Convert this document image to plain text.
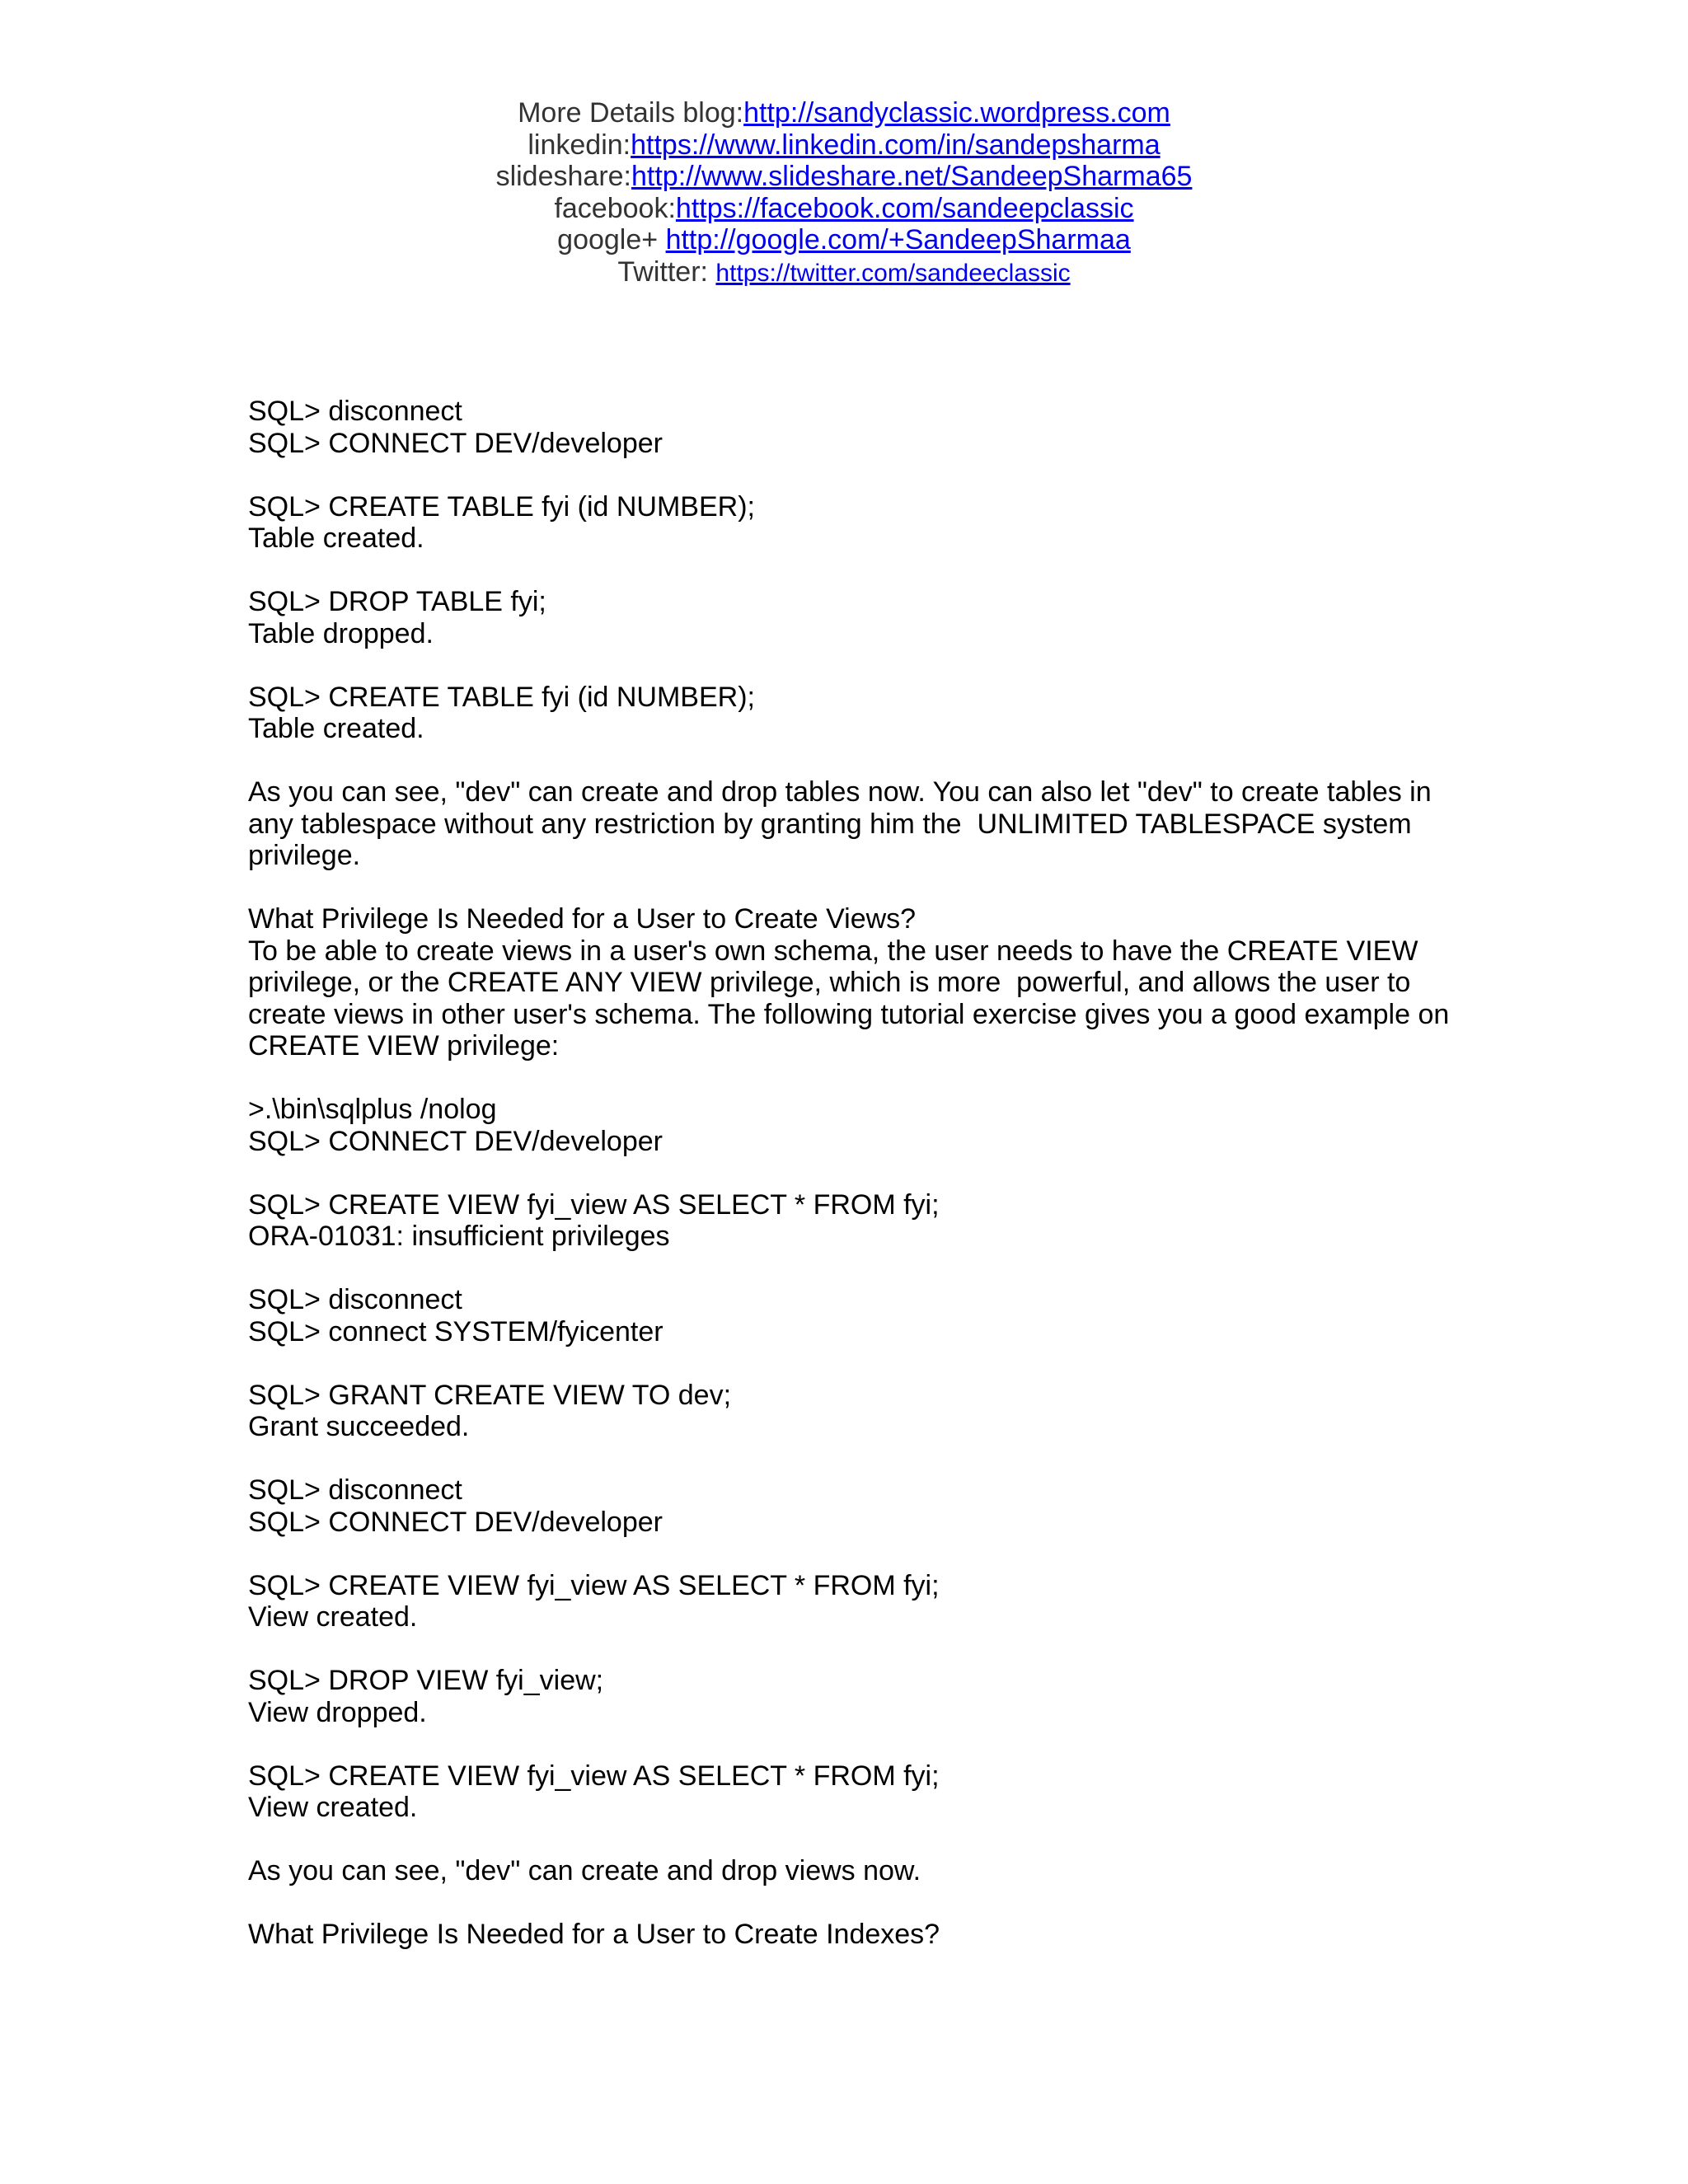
More Details blog:http://sandyclassic.wordpress.com
linkedin:https://www.linkedin.com/in/sandepsharma
slideshare:http://www.slideshare.net/SandeepSharma65
facebook:https://facebook.com/sandeepclassic
google+ http://google.com/+SandeepSharmaa
Twitter: https://twitter.com/sandeeclassic
SQL> disconnect
SQL> CONNECT DEV/developer
SQL> CREATE TABLE fyi (id NUMBER);
Table created.
SQL> DROP TABLE fyi;
Table dropped.
SQL> CREATE TABLE fyi (id NUMBER);
Table created.
As you can see, "dev" can create and drop tables now. You can also let "dev" to create tables in
any tablespace without any restriction by granting him the  UNLIMITED TABLESPACE system
privilege.
What Privilege Is Needed for a User to Create Views?
To be able to create views in a user's own schema, the user needs to have the CREATE VIEW
privilege, or the CREATE ANY VIEW privilege, which is more  powerful, and allows the user to
create views in other user's schema. The following tutorial exercise gives you a good example on
CREATE VIEW privilege:
>.\bin\sqlplus /nolog
SQL> CONNECT DEV/developer
SQL> CREATE VIEW fyi_view AS SELECT * FROM fyi;
ORA-01031: insufficient privileges
SQL> disconnect
SQL> connect SYSTEM/fyicenter
SQL> GRANT CREATE VIEW TO dev;
Grant succeeded.
SQL> disconnect
SQL> CONNECT DEV/developer
SQL> CREATE VIEW fyi_view AS SELECT * FROM fyi;
View created.
SQL> DROP VIEW fyi_view;
View dropped.
SQL> CREATE VIEW fyi_view AS SELECT * FROM fyi;
View created.
As you can see, "dev" can create and drop views now.
What Privilege Is Needed for a User to Create Indexes?
